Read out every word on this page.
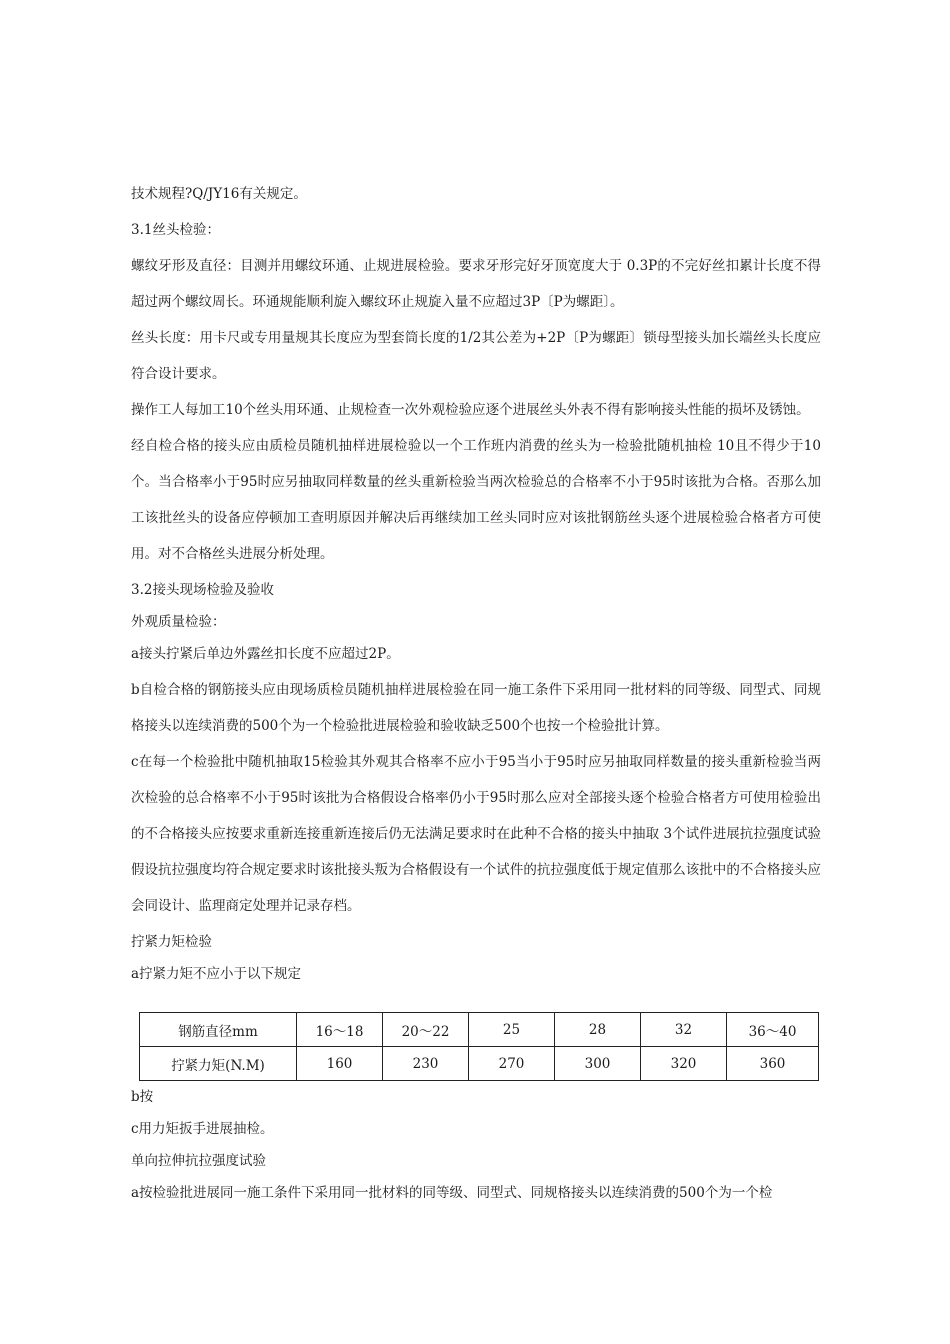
技术规程?Q/JY16有关规定。

3.1丝头检验：

螺纹牙形及直径：目测并用螺纹环通、止规进展检验。要求牙形完好牙顶宽度大于 0.3P的不完好丝扣累计长度不得超过两个螺纹周长。环通规能顺利旋入螺纹环止规旋入量不应超过3P〔P为螺距〕。

丝头长度：用卡尺或专用量规其长度应为型套筒长度的1/2其公差为+2P〔P为螺距〕锁母型接头加长端丝头长度应符合设计要求。

操作工人每加工10个丝头用环通、止规检查一次外观检验应逐个进展丝头外表不得有影响接头性能的损坏及锈蚀。

经自检合格的接头应由质检员随机抽样进展检验以一个工作班内消费的丝头为一检验批随机抽检 10且不得少于10个。当合格率小于95时应另抽取同样数量的丝头重新检验当两次检验总的合格率不小于95时该批为合格。否那么加工该批丝头的设备应停顿加工查明原因并解决后再继续加工丝头同时应对该批钢筋丝头逐个进展检验合格者方可使用。对不合格丝头进展分析处理。

3.2接头现场检验及验收

外观质量检验：

a接头拧紧后单边外露丝扣长度不应超过2P。

b自检合格的钢筋接头应由现场质检员随机抽样进展检验在同一施工条件下采用同一批材料的同等级、同型式、同规格接头以连续消费的500个为一个检验批进展检验和验收缺乏500个也按一个检验批计算。

c在每一个检验批中随机抽取15检验其外观其合格率不应小于95当小于95时应另抽取同样数量的接头重新检验当两次检验的总合格率不小于95时该批为合格假设合格率仍小于95时那么应对全部接头逐个检验合格者方可使用检验出的不合格接头应按要求重新连接重新连接后仍无法满足要求时在此种不合格的接头中抽取 3个试件进展抗拉强度试验假设抗拉强度均符合规定要求时该批接头叛为合格假设有一个试件的抗拉强度低于规定值那么该批中的不合格接头应会同设计、监理商定处理并记录存档。

拧紧力矩检验

a拧紧力矩不应小于以下规定

钢筋直径mm	16～18	20～22	25	28	32	36～40
拧紧力矩(N.M)	160	230	270	300	320	360

b按

c用力矩扳手进展抽检。

单向拉伸抗拉强度试验

a按检验批进展同一施工条件下采用同一批材料的同等级、同型式、同规格接头以连续消费的500个为一个检
